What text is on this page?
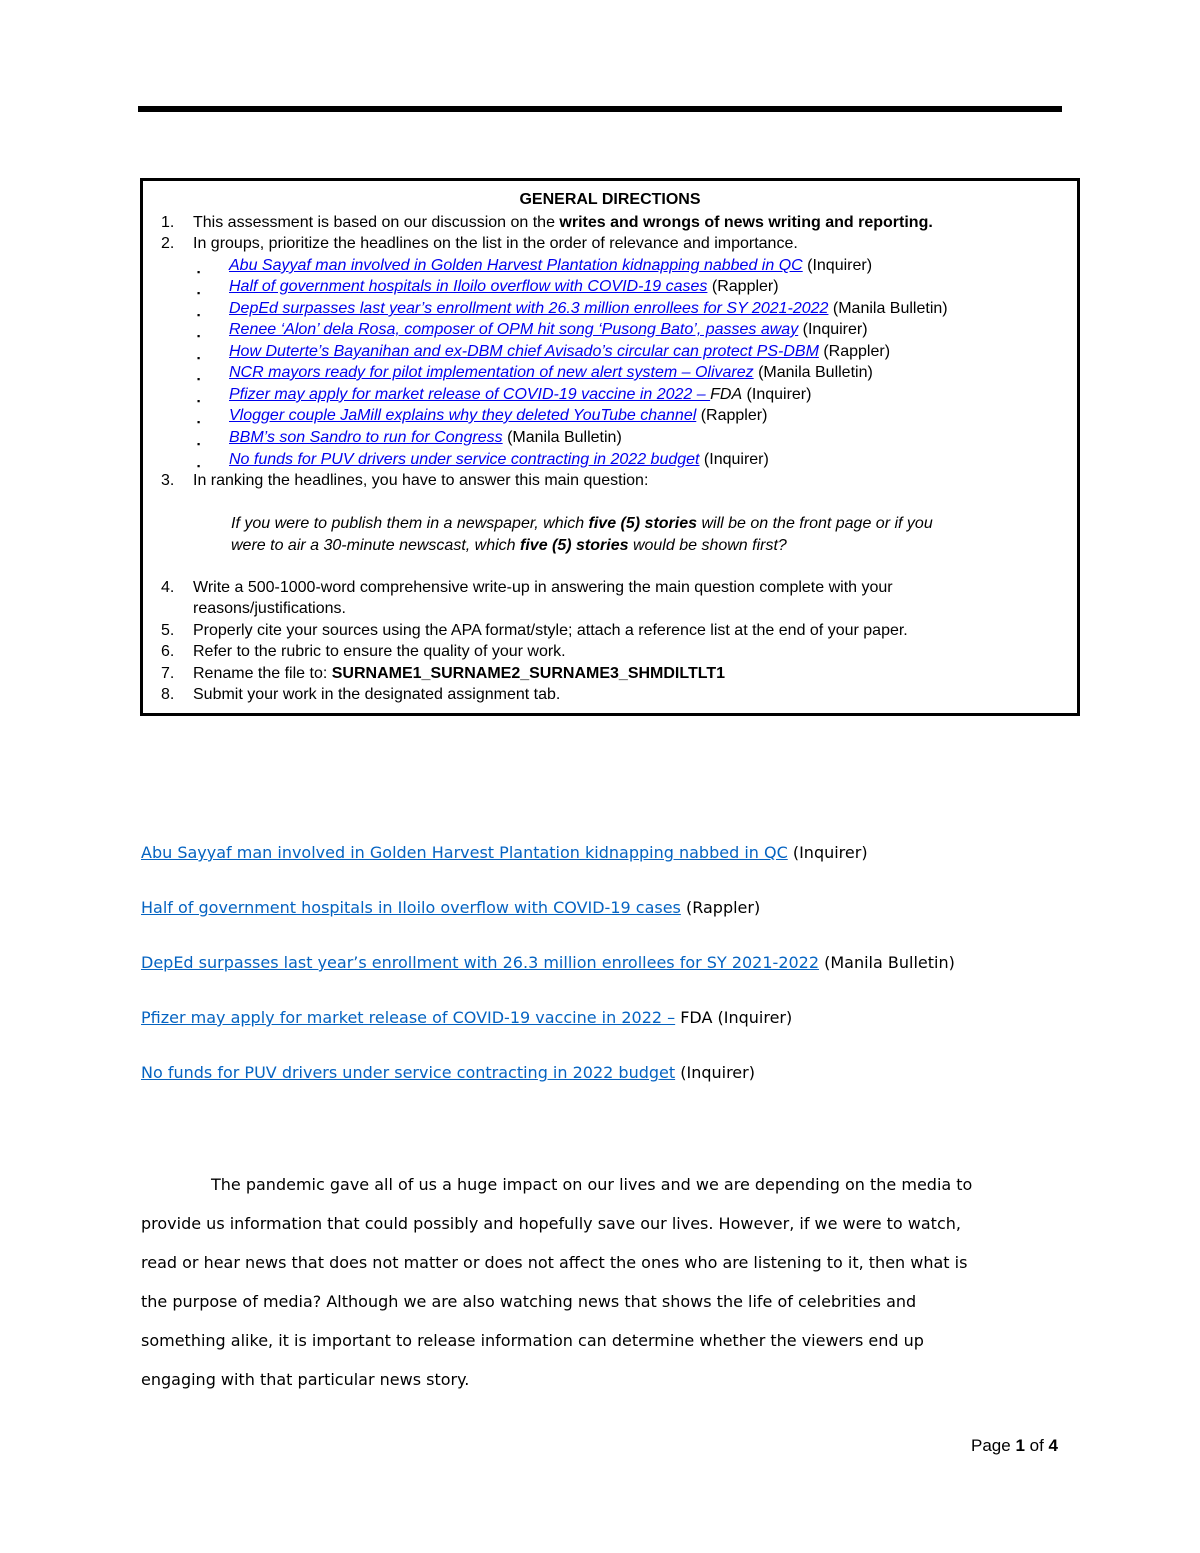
GENERAL DIRECTIONS
1.	This assessment is based on our discussion on the writes and wrongs of news writing and reporting.
2.	In groups, prioritize the headlines on the list in the order of relevance and importance.
▪ Abu Sayyaf man involved in Golden Harvest Plantation kidnapping nabbed in QC (Inquirer)
▪ Half of government hospitals in Iloilo overflow with COVID-19 cases (Rappler)
▪ DepEd surpasses last year’s enrollment with 26.3 million enrollees for SY 2021-2022 (Manila Bulletin)
▪ Renee ‘Alon’ dela Rosa, composer of OPM hit song ‘Pusong Bato’, passes away (Inquirer)
▪ How Duterte’s Bayanihan and ex-DBM chief Avisado’s circular can protect PS-DBM (Rappler)
▪ NCR mayors ready for pilot implementation of new alert system – Olivarez (Manila Bulletin)
▪ Pfizer may apply for market release of COVID-19 vaccine in 2022 – FDA (Inquirer)
▪ Vlogger couple JaMill explains why they deleted YouTube channel (Rappler)
▪ BBM’s son Sandro to run for Congress (Manila Bulletin)
▪ No funds for PUV drivers under service contracting in 2022 budget (Inquirer)
3.	In ranking the headlines, you have to answer this main question:
If you were to publish them in a newspaper, which five (5) stories will be on the front page or if you
were to air a 30-minute newscast, which five (5) stories would be shown first?
4.	Write a 500-1000-word comprehensive write-up in answering the main question complete with your
reasons/justifications.
5.	Properly cite your sources using the APA format/style; attach a reference list at the end of your paper.
6.	Refer to the rubric to ensure the quality of your work.
7.	Rename the file to: SURNAME1_SURNAME2_SURNAME3_SHMDILTLT1
8.	Submit your work in the designated assignment tab.
Abu Sayyaf man involved in Golden Harvest Plantation kidnapping nabbed in QC (Inquirer)
Half of government hospitals in Iloilo overflow with COVID-19 cases (Rappler)
DepEd surpasses last year’s enrollment with 26.3 million enrollees for SY 2021-2022 (Manila Bulletin)
Pfizer may apply for market release of COVID-19 vaccine in 2022 – FDA (Inquirer)
No funds for PUV drivers under service contracting in 2022 budget (Inquirer)
The pandemic gave all of us a huge impact on our lives and we are depending on the media to
provide us information that could possibly and hopefully save our lives. However, if we were to watch,
read or hear news that does not matter or does not affect the ones who are listening to it, then what is
the purpose of media? Although we are also watching news that shows the life of celebrities and
something alike, it is important to release information can determine whether the viewers end up
engaging with that particular news story.
Page 1 of 4
